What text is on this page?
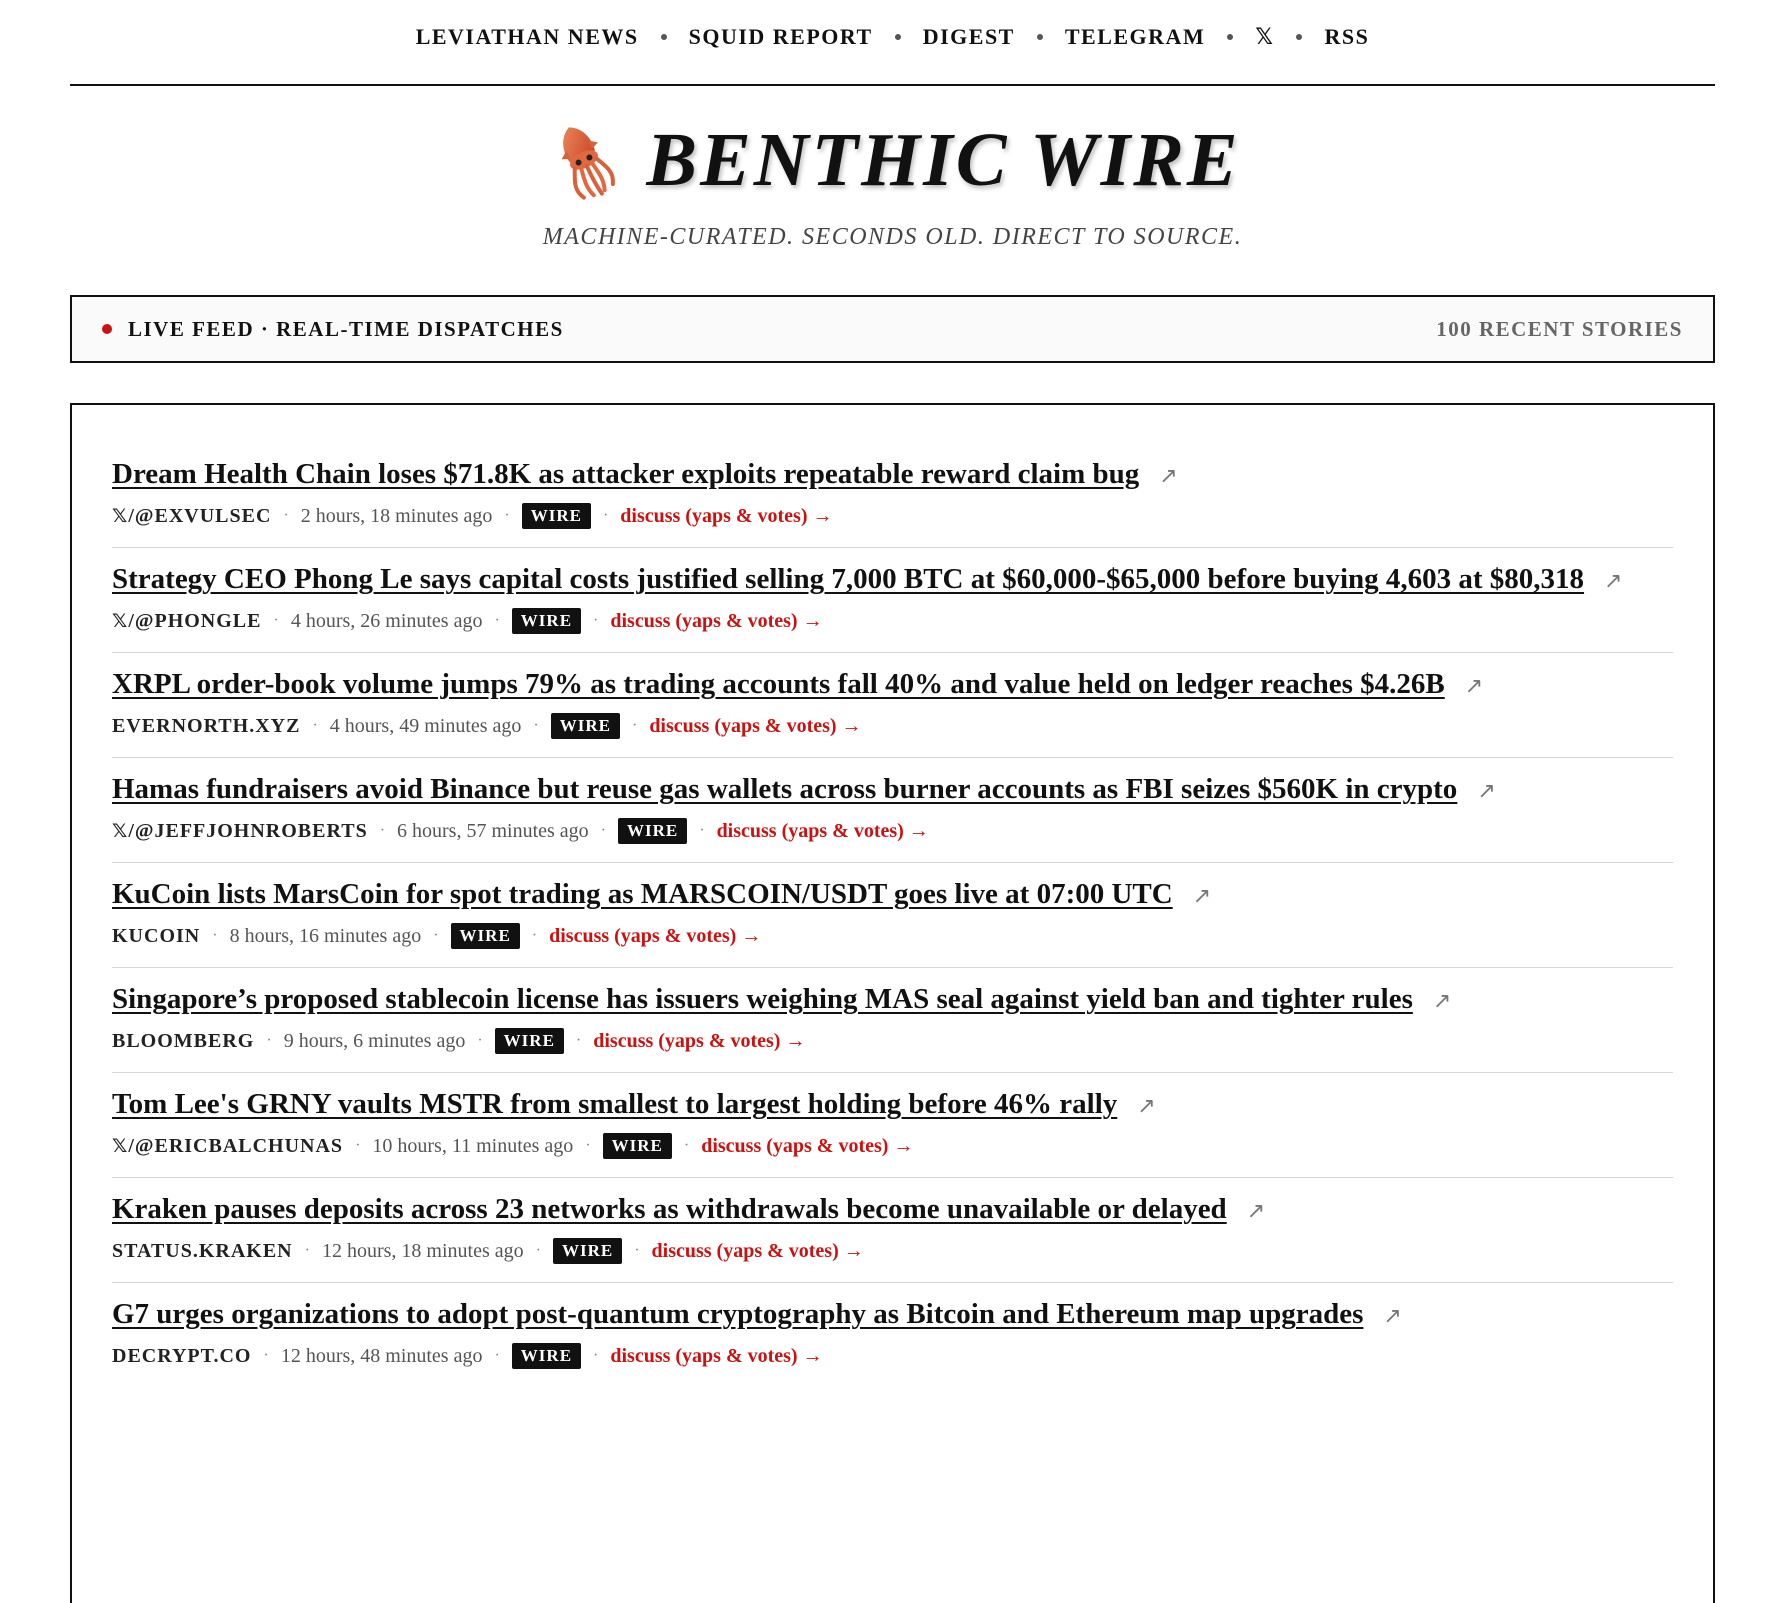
LEVIATHAN NEWS SQUID REPORT DIGEST TELEGRAM 𝕏 RSS
BENTHIC WIRE
MACHINE-CURATED. SECONDS OLD. DIRECT TO SOURCE.
LIVE FEED · REAL-TIME DISPATCHES	100 RECENT STORIES
Dream Health Chain loses $71.8K as attacker exploits repeatable reward claim bug ↗
𝕏/@EXVULSEC · 2 hours, 18 minutes ago ·	WIRE	· discuss (yaps & votes) →
Strategy CEO Phong Le says capital costs justified selling 7,000 BTC at $60,000-$65,000 before buying 4,603 at $80,318 ↗
𝕏/@PHONGLE · 4 hours, 26 minutes ago ·	WIRE	· discuss (yaps & votes) →
XRPL order-book volume jumps 79% as trading accounts fall 40% and value held on ledger reaches $4.26B ↗
EVERNORTH.XYZ · 4 hours, 49 minutes ago ·	WIRE	· discuss (yaps & votes) →
Hamas fundraisers avoid Binance but reuse gas wallets across burner accounts as FBI seizes $560K in crypto ↗
𝕏/@JEFFJOHNROBERTS · 6 hours, 57 minutes ago ·	WIRE	· discuss (yaps & votes) →
KuCoin lists MarsCoin for spot trading as MARSCOIN/USDT goes live at 07:00 UTC ↗
KUCOIN · 8 hours, 16 minutes ago ·	WIRE	· discuss (yaps & votes) →
Singapore’s proposed stablecoin license has issuers weighing MAS seal against yield ban and tighter rules ↗
BLOOMBERG · 9 hours, 6 minutes ago ·	WIRE	· discuss (yaps & votes) →
Tom Lee's GRNY vaults MSTR from smallest to largest holding before 46% rally ↗
𝕏/@ERICBALCHUNAS · 10 hours, 11 minutes ago ·	WIRE	· discuss (yaps & votes) →
Kraken pauses deposits across 23 networks as withdrawals become unavailable or delayed ↗
STATUS.KRAKEN · 12 hours, 18 minutes ago ·	WIRE	· discuss (yaps & votes) →
G7 urges organizations to adopt post-quantum cryptography as Bitcoin and Ethereum map upgrades ↗
DECRYPT.CO · 12 hours, 48 minutes ago ·	WIRE	· discuss (yaps & votes) →
